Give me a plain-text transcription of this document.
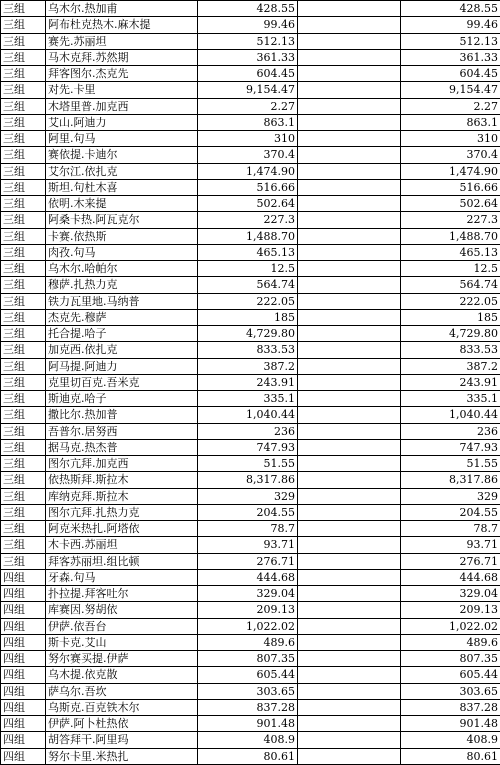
三组	乌木尔.热加甫	428.55		428.55
三组	阿布杜克热木.麻木提	99.46		99.46
三组	赛先.苏丽坦	512.13		512.13
三组	马木克拜.苏然期	361.33		361.33
三组	拜客图尔.杰克先	604.45		604.45
三组	对先.卡里	9,154.47		9,154.47
三组	木塔里普.加克西	2.27		2.27
三组	艾山.阿迪力	863.1		863.1
三组	阿里.句马	310		310
三组	赛依提.卡迪尔	370.4		370.4
三组	艾尔江.依扎克	1,474.90		1,474.90
三组	斯坦.句杜木喜	516.66		516.66
三组	依明.木来提	502.64		502.64
三组	阿桑卡热.阿瓦克尔	227.3		227.3
三组	卡赛.依热斯	1,488.70		1,488.70
三组	肉孜.句马	465.13		465.13
三组	乌木尔.哈帕尔	12.5		12.5
三组	穆萨.扎热力克	564.74		564.74
三组	铁力瓦里地.马纳普	222.05		222.05
三组	杰克先.穆萨	185		185
三组	托合提.哈子	4,729.80		4,729.80
三组	加克西.依扎克	833.53		833.53
三组	阿马提.阿迪力	387.2		387.2
三组	克里切百克.吾米克	243.91		243.91
三组	斯迪克.哈子	335.1		335.1
三组	撒比尔.热加普	1,040.44		1,040.44
三组	吾普尔.居努西	236		236
三组	据马克.热杰普	747.93		747.93
三组	图尔亢拜.加克西	51.55		51.55
三组	依热斯拜.斯拉木	8,317.86		8,317.86
三组	库纳克拜.斯拉木	329		329
三组	图尔亢拜.扎热力克	204.55		204.55
三组	阿克米热扎.阿塔依	78.7		78.7
三组	木卡西.苏丽坦	93.71		93.71
三组	拜客苏丽坦.组比顿	276.71		276.71
四组	牙森.句马	444.68		444.68
四组	扑拉提.拜客吐尔	329.04		329.04
四组	库赛因.努胡依	209.13		209.13
四组	伊萨.依吾台	1,022.02		1,022.02
四组	斯卡克.艾山	489.6		489.6
四组	努尔赛买提.伊萨	807.35		807.35
四组	乌木提.依克散	605.44		605.44
四组	萨乌尔.吾坎	303.65		303.65
四组	乌斯克.百克铁木尔	837.28		837.28
四组	伊萨.阿卜杜热依	901.48		901.48
四组	胡答拜干.阿里玛	408.9		408.9
四组	努尔卡里.米热扎	80.61		80.61
